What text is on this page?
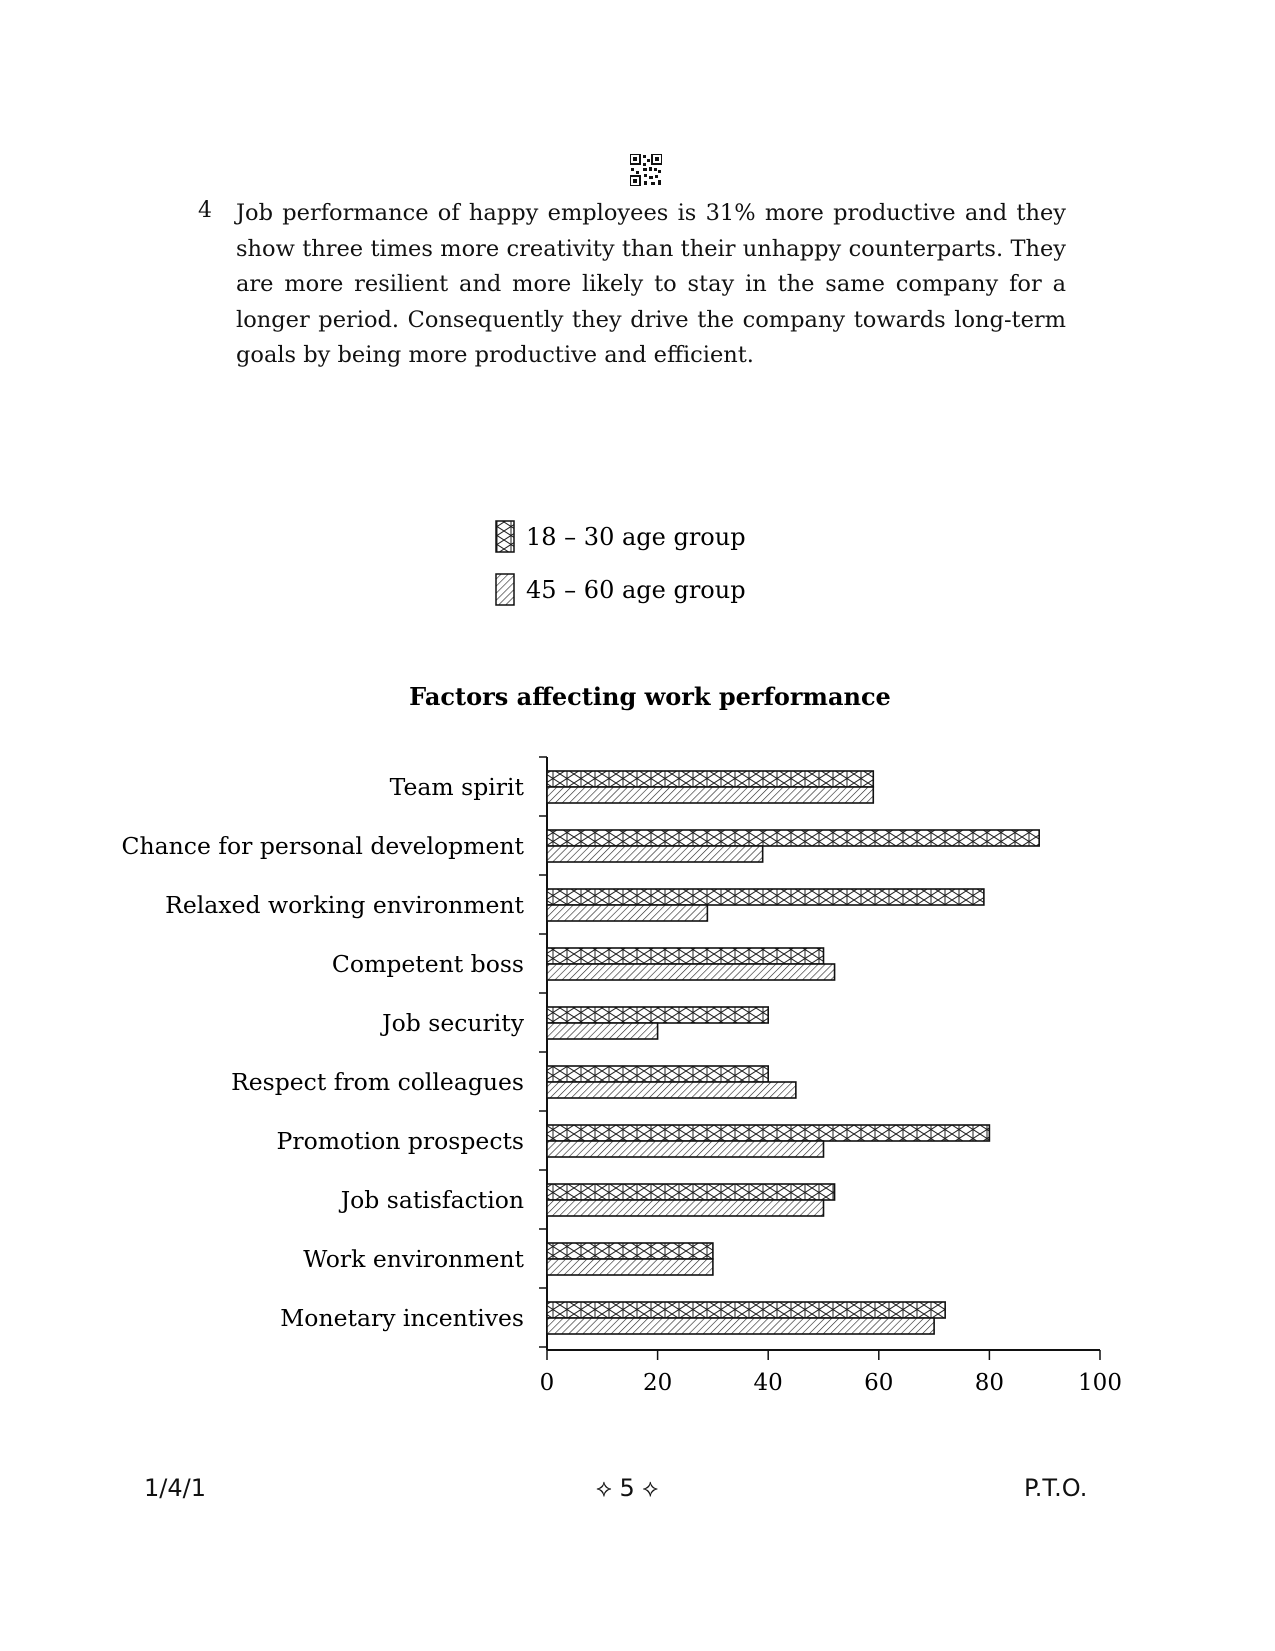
4 Job performance of happy employees is 31% more productive and they show three times more creativity than their unhappy counterparts. They are more resilient and more likely to stay in the same company for a longer period. Consequently they drive the company towards long-term goals by being more productive and efficient.

18 – 30 age group
45 – 60 age group
Factors affecting work performance
Team spirit
Chance for personal development
Relaxed working environment
Competent boss
Job security
Respect from colleagues
Promotion prospects
Job satisfaction
Work environment
Monetary incentives
0	20	40	60	80	100
1/4/1	⟡ 5 ⟡	P.T.O.
